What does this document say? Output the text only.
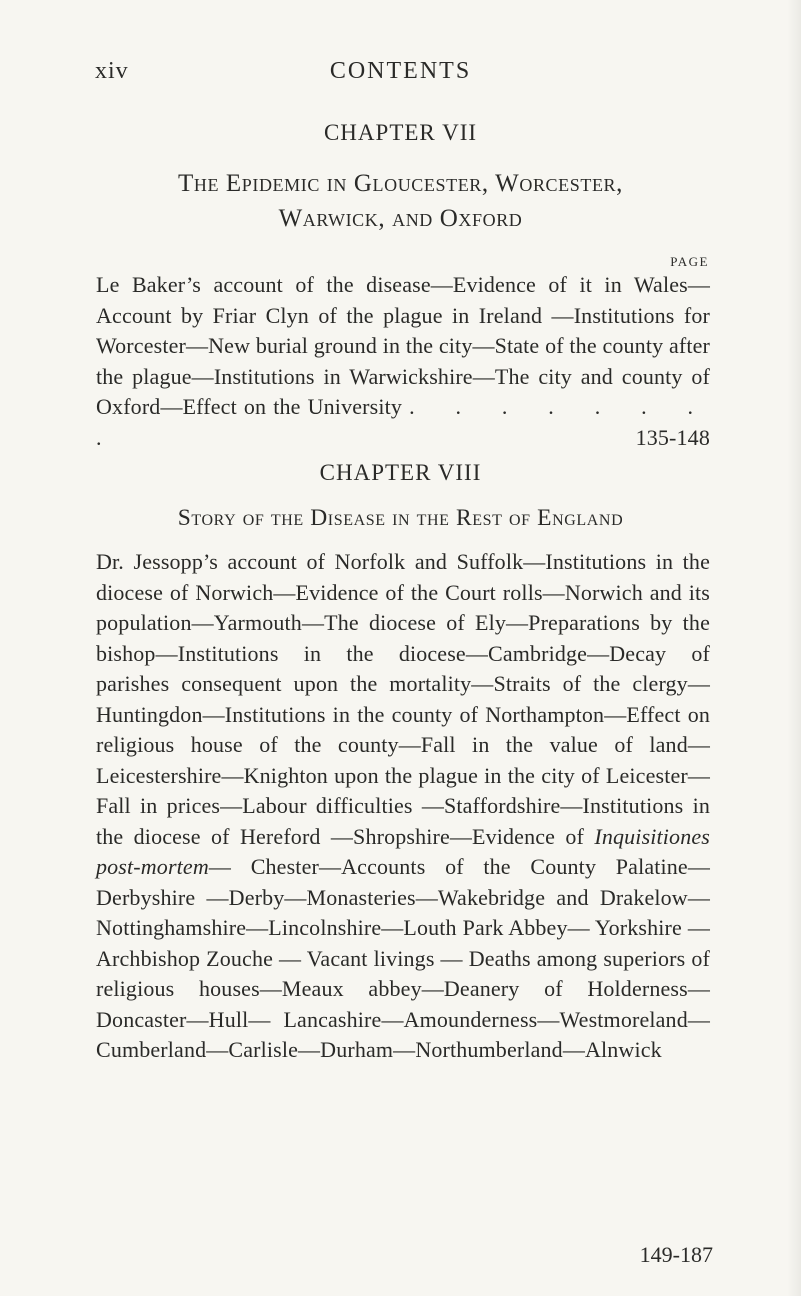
xiv	CONTENTS
CHAPTER VII
The Epidemic in Gloucester, Worcester,
Warwick, and Oxford
PAGE
Le Baker’s account of the disease—Evidence of it in Wales—Account by Friar Clyn of the plague in Ireland —Institutions for Worcester—New burial ground in the city—State of the county after the plague—Institutions in Warwickshire—The city and county of Oxford—Effect on the University . . . . . . . .	135-148
CHAPTER VIII
Story of the Disease in the Rest of England
Dr. Jessopp’s account of Norfolk and Suffolk—Institutions in the diocese of Norwich—Evidence of the Court rolls—Norwich and its population—Yarmouth—The diocese of Ely—Preparations by the bishop—Institutions in the diocese—Cambridge—Decay of parishes consequent upon the mortality—Straits of the clergy—Huntingdon—Institutions in the county of Northampton—Effect on religious house of the county—Fall in the value of land—Leicestershire—Knighton upon the plague in the city of Leicester—Fall in prices—Labour difficulties —Staffordshire—Institutions in the diocese of Hereford —Shropshire—Evidence of Inquisitiones post-mortem— Chester—Accounts of the County Palatine—Derbyshire —Derby—Monasteries—Wakebridge and Drakelow— Nottinghamshire—Lincolnshire—Louth Park Abbey— Yorkshire — Archbishop Zouche — Vacant livings — Deaths among superiors of religious houses—Meaux abbey—Deanery of Holderness—Doncaster—Hull— Lancashire—Amounderness—Westmoreland—Cumberland—Carlisle—Durham—Northumberland—Alnwick
149-187
